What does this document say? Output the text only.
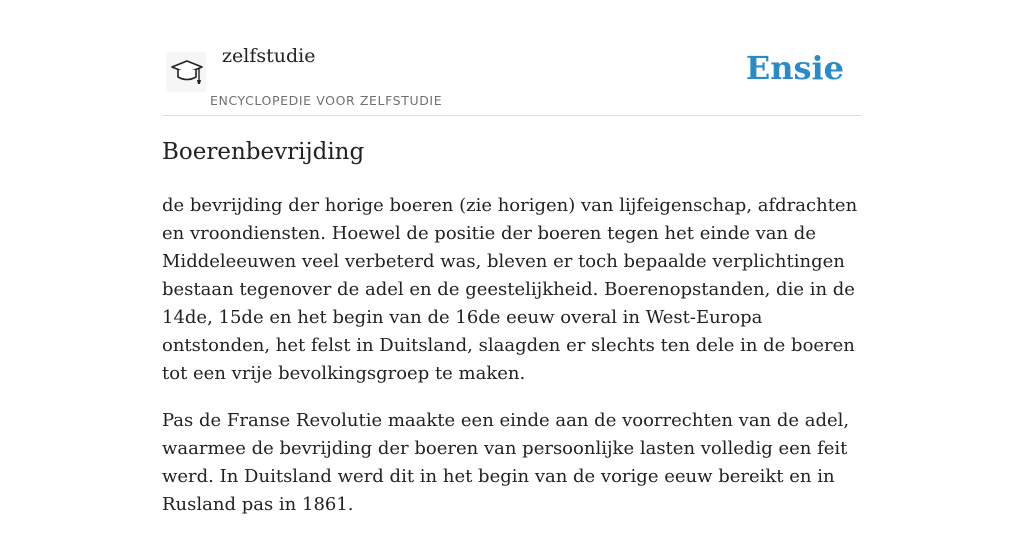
zelfstudie
ENCYCLOPEDIE VOOR ZELFSTUDIE
Ensie
Boerenbevrijding

de bevrijding der horige boeren (zie horigen) van lijfeigenschap, afdrachten en vroondiensten. Hoewel de positie der boeren tegen het einde van de Middeleeuwen veel verbeterd was, bleven er toch bepaalde verplichtingen bestaan tegenover de adel en de geestelijkheid. Boerenopstanden, die in de 14de, 15de en het begin van de 16de eeuw overal in West-Europa ontstonden, het felst in Duitsland, slaagden er slechts ten dele in de boeren tot een vrije bevolkingsgroep te maken.

Pas de Franse Revolutie maakte een einde aan de voorrechten van de adel, waarmee de bevrijding der boeren van persoonlijke lasten volledig een feit werd. In Duitsland werd dit in het begin van de vorige eeuw bereikt en in Rusland pas in 1861.
